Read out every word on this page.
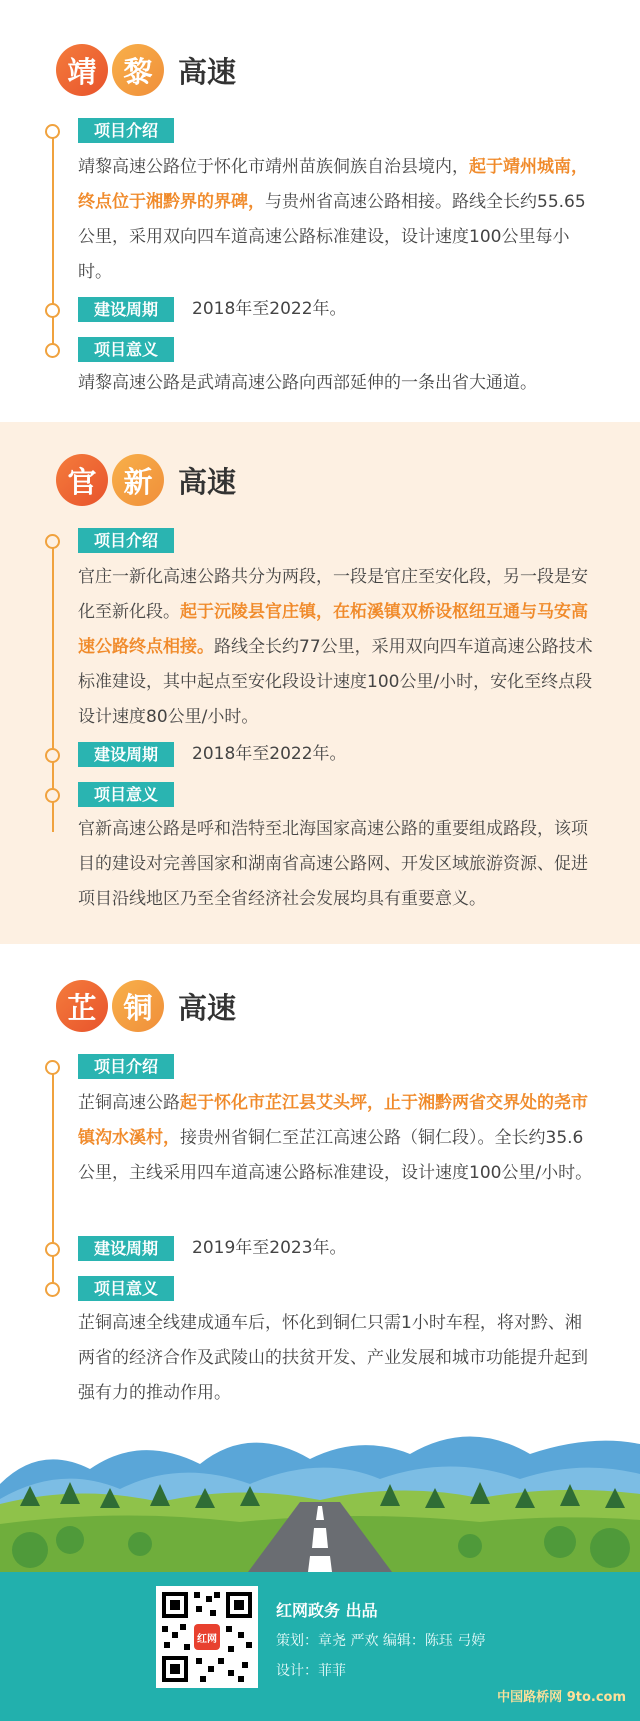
靖 黎 高速
项目介绍
靖黎高速公路位于怀化市靖州苗族侗族自治县境内，起于靖州城南，终点位于湘黔界的界碑，与贵州省高速公路相接。路线全长约55.65公里，采用双向四车道高速公路标准建设，设计速度100公里每小时。
建设周期	2018年至2022年。
项目意义
靖黎高速公路是武靖高速公路向西部延伸的一条出省大通道。
官 新 高速
项目介绍
官庄一新化高速公路共分为两段，一段是官庄至安化段，另一段是安化至新化段。起于沅陵县官庄镇，在柘溪镇双桥设枢纽互通与马安高速公路终点相接。路线全长约77公里，采用双向四车道高速公路技术标准建设，其中起点至安化段设计速度100公里/小时，安化至终点段设计速度80公里/小时。
建设周期	2018年至2022年。
项目意义
官新高速公路是呼和浩特至北海国家高速公路的重要组成路段，该项目的建设对完善国家和湖南省高速公路网、开发区域旅游资源、促进项目沿线地区乃至全省经济社会发展均具有重要意义。
芷 铜 高速
项目介绍
芷铜高速公路起于怀化市芷江县艾头坪，止于湘黔两省交界处的尧市镇沟水溪村，接贵州省铜仁至芷江高速公路（铜仁段）。全长约35.6公里，主线采用四车道高速公路标准建设，设计速度100公里/小时。
建设周期	2019年至2023年。
项目意义
芷铜高速全线建成通车后，怀化到铜仁只需1小时车程，将对黔、湘两省的经济合作及武陵山的扶贫开发、产业发展和城市功能提升起到强有力的推动作用。
红网
红网政务 出品
策划：章尧 严欢 编辑：陈珏 弓婷
设计：菲菲
中国路桥网 9to.com
